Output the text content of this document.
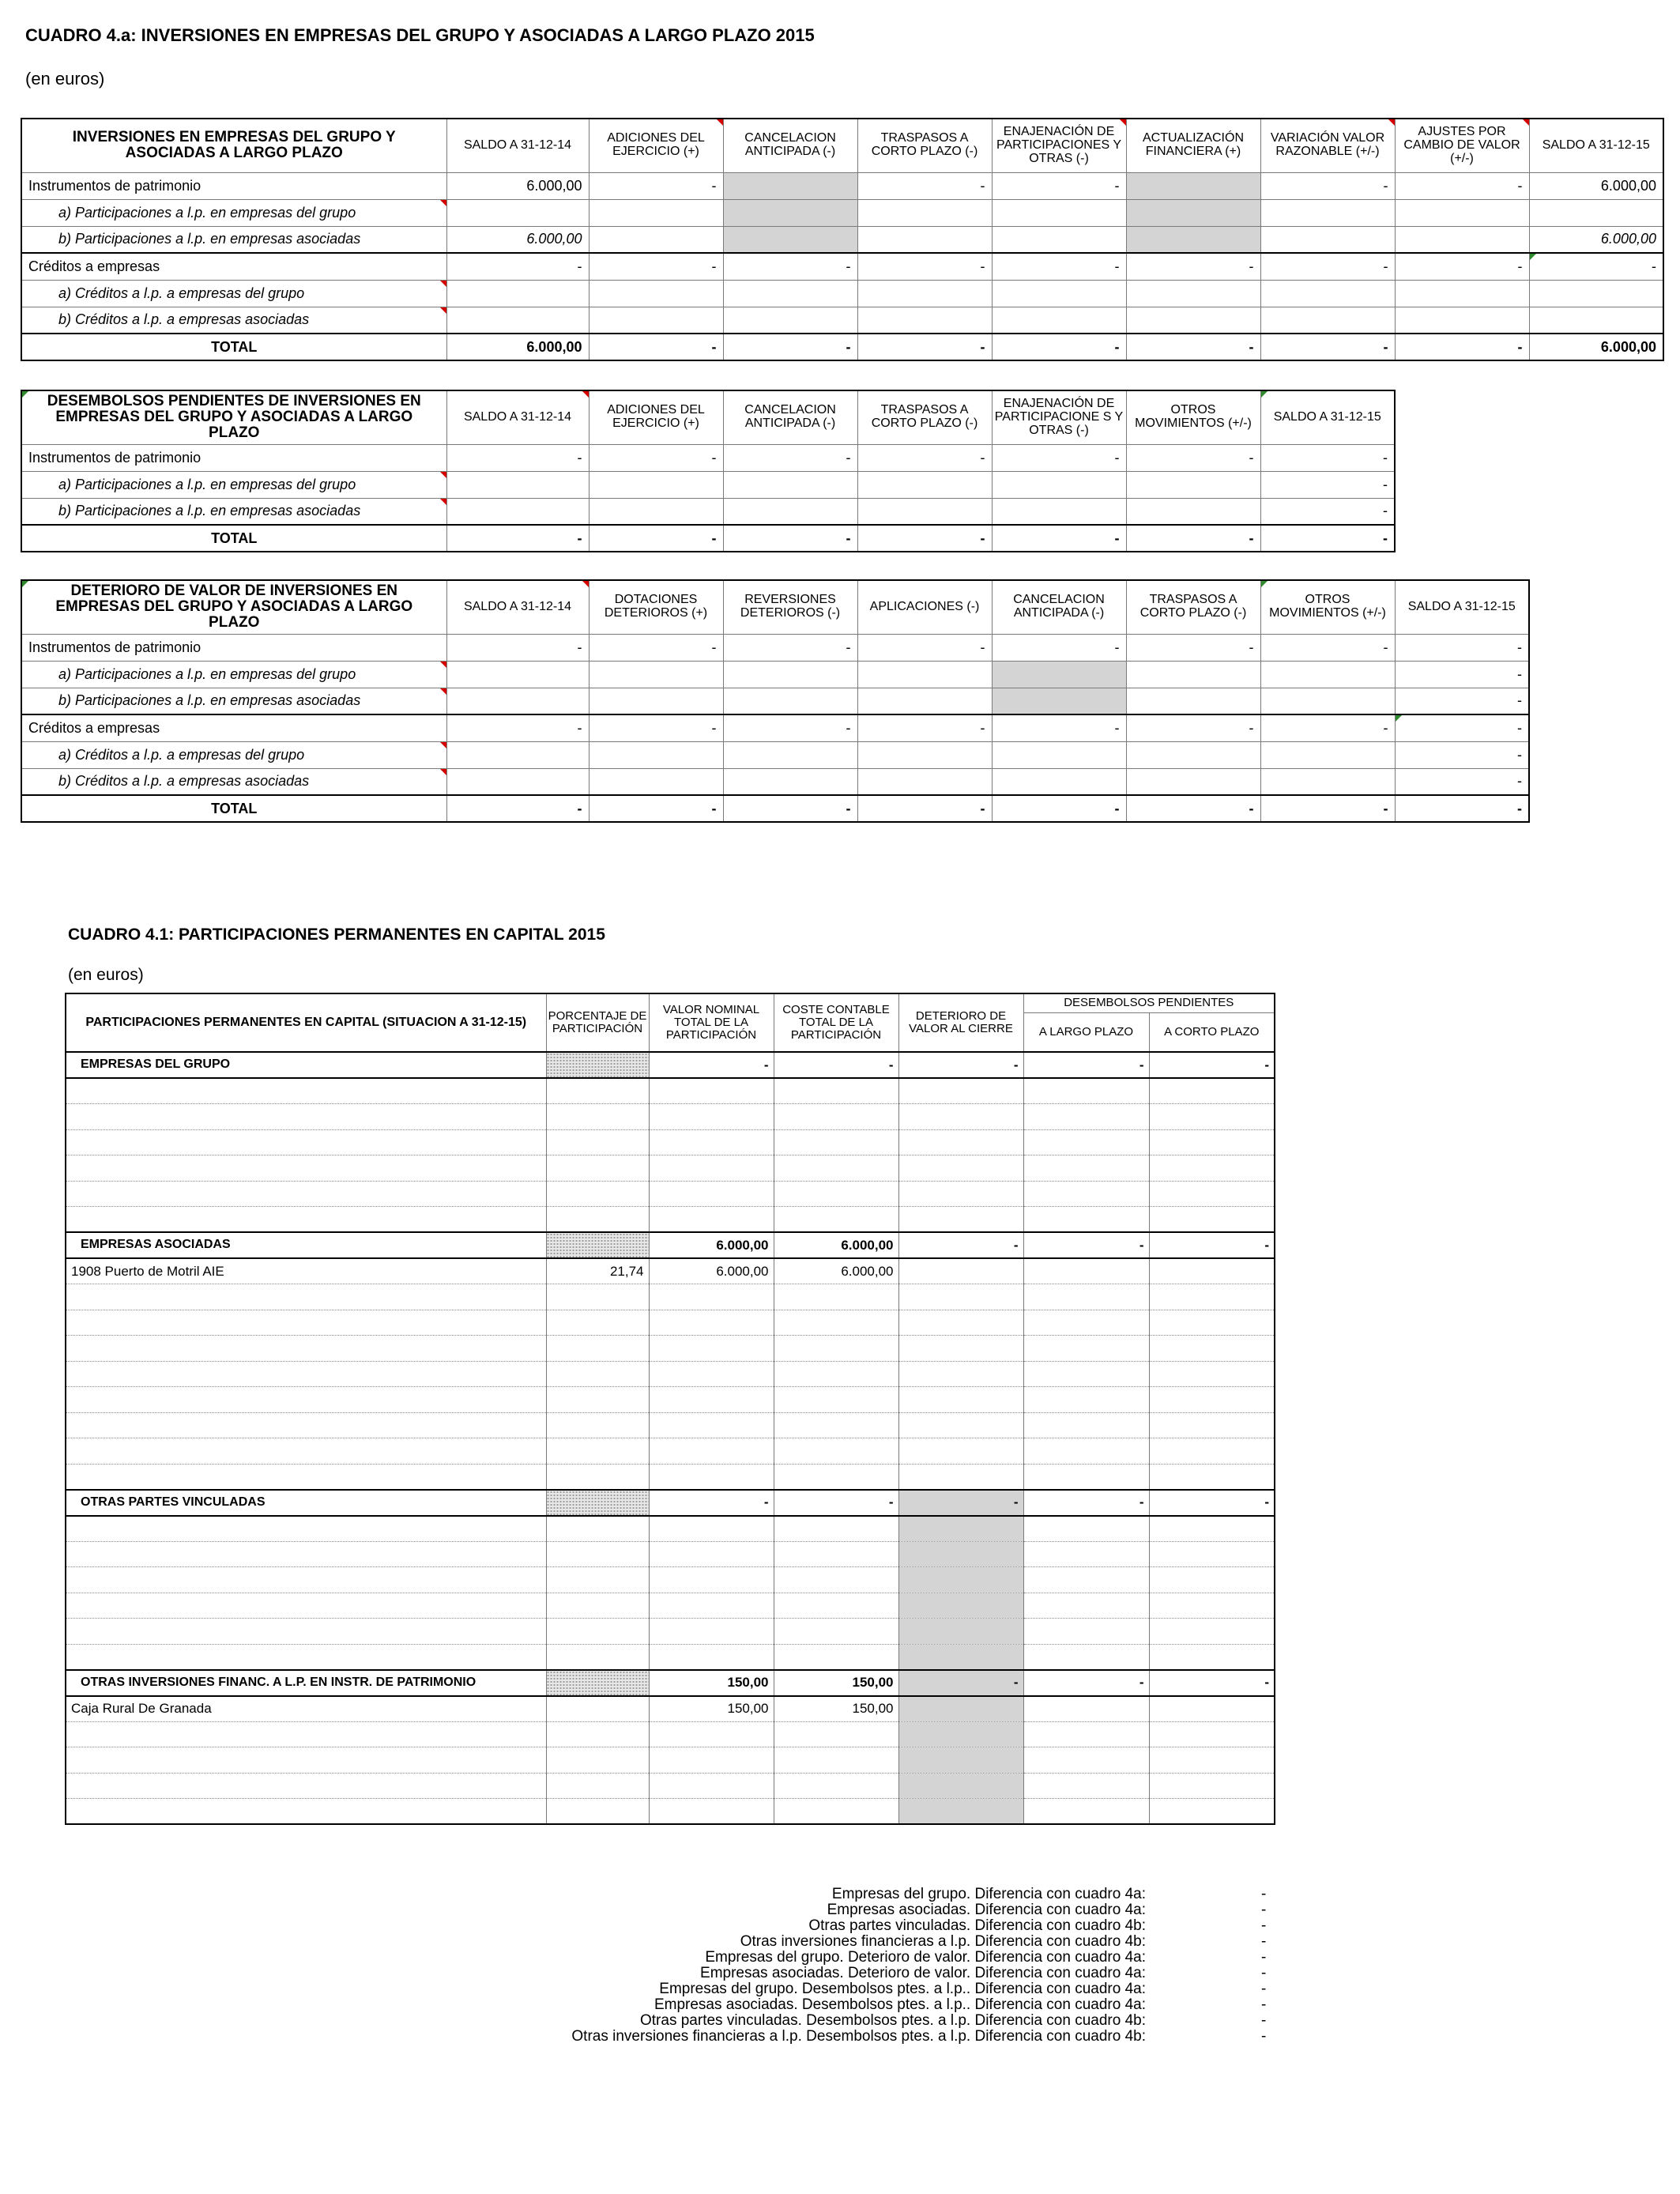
CUADRO 4.a: INVERSIONES EN EMPRESAS DEL GRUPO Y ASOCIADAS A LARGO PLAZO 2015
(en euros)
INVERSIONES EN EMPRESAS DEL GRUPO Y ASOCIADAS A LARGO PLAZO	SALDO A 31-12-14	ADICIONES DEL EJERCICIO (+)	CANCELACION ANTICIPADA (-)	TRASPASOS A CORTO PLAZO (-)	ENAJENACIÓN DE PARTICIPACIONES Y OTRAS (-)	ACTUALIZACIÓN FINANCIERA (+)	VARIACIÓN VALOR RAZONABLE (+/-)	AJUSTES POR CAMBIO DE VALOR (+/-)	SALDO A 31-12-15
Instrumentos de patrimonio	6.000,00	-		-	-		-	-	6.000,00
a) Participaciones a l.p. en empresas del grupo									
b) Participaciones a l.p. en empresas asociadas	6.000,00								6.000,00
Créditos a empresas	-	-	-	-	-	-	-	-	-
a) Créditos a l.p. a empresas del grupo									
b) Créditos a l.p. a empresas asociadas									
TOTAL	6.000,00	-	-	-	-	-	-	-	6.000,00
DESEMBOLSOS PENDIENTES DE INVERSIONES EN EMPRESAS DEL GRUPO Y ASOCIADAS A LARGO PLAZO	SALDO A 31-12-14	ADICIONES DEL EJERCICIO (+)	CANCELACION ANTICIPADA (-)	TRASPASOS A CORTO PLAZO (-)	ENAJENACIÓN DE PARTICIPACIONE S Y OTRAS (-)	OTROS MOVIMIENTOS (+/-)	SALDO A 31-12-15
Instrumentos de patrimonio	-	-	-	-	-	-	-
a) Participaciones a l.p. en empresas del grupo							-
b) Participaciones a l.p. en empresas asociadas							-
TOTAL	-	-	-	-	-	-	-
DETERIORO DE VALOR DE INVERSIONES EN EMPRESAS DEL GRUPO Y ASOCIADAS A LARGO PLAZO	SALDO A 31-12-14	DOTACIONES DETERIOROS (+)	REVERSIONES DETERIOROS (-)	APLICACIONES (-)	CANCELACION ANTICIPADA (-)	TRASPASOS A CORTO PLAZO (-)	OTROS MOVIMIENTOS (+/-)	SALDO A 31-12-15
Instrumentos de patrimonio	-	-	-	-	-	-	-	-
a) Participaciones a l.p. en empresas del grupo								-
b) Participaciones a l.p. en empresas asociadas								-
Créditos a empresas	-	-	-	-	-	-	-	-
a) Créditos a l.p. a empresas del grupo								-
b) Créditos a l.p. a empresas asociadas								-
TOTAL	-	-	-	-	-	-	-	-
CUADRO 4.1: PARTICIPACIONES PERMANENTES EN CAPITAL 2015
(en euros)
PARTICIPACIONES PERMANENTES EN CAPITAL (SITUACION A 31-12-15)	PORCENTAJE DE PARTICIPACIÓN	VALOR NOMINAL TOTAL DE LA PARTICIPACIÓN	COSTE CONTABLE TOTAL DE LA PARTICIPACIÓN	DETERIORO DE VALOR AL CIERRE	DESEMBOLSOS PENDIENTES	
					A LARGO PLAZO	A CORTO PLAZO
EMPRESAS DEL GRUPO		-	-	-	-	-

EMPRESAS ASOCIADAS		6.000,00	6.000,00	-	-	-
1908 Puerto de Motril AIE	21,74	6.000,00	6.000,00			

OTRAS PARTES VINCULADAS		-	-	-	-	-

OTRAS INVERSIONES FINANC. A L.P. EN INSTR. DE PATRIMONIO		150,00	150,00	-	-	-
Caja Rural De Granada		150,00	150,00			

Empresas del grupo. Diferencia con cuadro 4a:	-
Empresas asociadas. Diferencia con cuadro 4a:	-
Otras partes vinculadas. Diferencia con cuadro 4b:	-
Otras inversiones financieras a l.p. Diferencia con cuadro 4b:	-
Empresas del grupo. Deterioro de valor. Diferencia con cuadro 4a:	-
Empresas asociadas. Deterioro de valor. Diferencia con cuadro 4a:	-
Empresas del grupo. Desembolsos ptes. a l.p.. Diferencia con cuadro 4a:	-
Empresas asociadas. Desembolsos ptes. a l.p.. Diferencia con cuadro 4a:	-
Otras partes vinculadas. Desembolsos ptes. a l.p. Diferencia con cuadro 4b:	-
Otras inversiones financieras a l.p. Desembolsos ptes. a l.p. Diferencia con cuadro 4b:	-
